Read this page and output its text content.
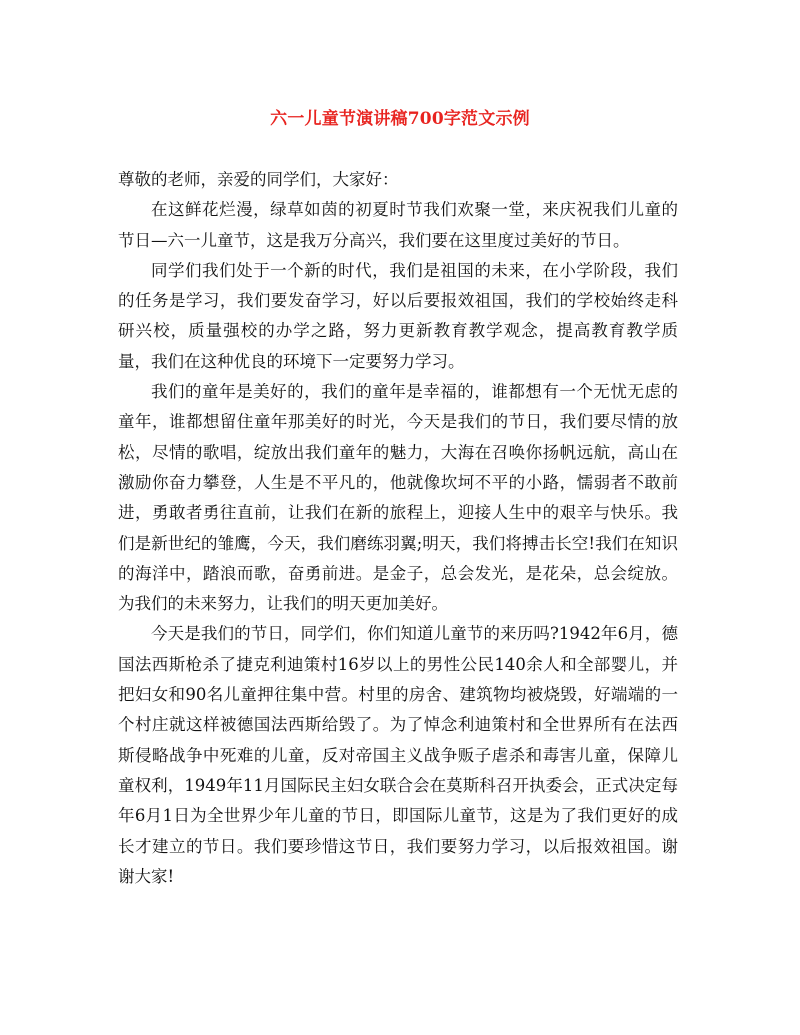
六一儿童节演讲稿700字范文示例

尊敬的老师，亲爱的同学们，大家好：

在这鲜花烂漫，绿草如茵的初夏时节我们欢聚一堂，来庆祝我们儿童的节日—六一儿童节，这是我万分高兴，我们要在这里度过美好的节日。

同学们我们处于一个新的时代，我们是祖国的未来，在小学阶段，我们的任务是学习，我们要发奋学习，好以后要报效祖国，我们的学校始终走科研兴校，质量强校的办学之路，努力更新教育教学观念，提高教育教学质量，我们在这种优良的环境下一定要努力学习。

我们的童年是美好的，我们的童年是幸福的，谁都想有一个无忧无虑的童年，谁都想留住童年那美好的时光，今天是我们的节日，我们要尽情的放松，尽情的歌唱，绽放出我们童年的魅力，大海在召唤你扬帆远航，高山在激励你奋力攀登，人生是不平凡的，他就像坎坷不平的小路，懦弱者不敢前进，勇敢者勇往直前，让我们在新的旅程上，迎接人生中的艰辛与快乐。我们是新世纪的雏鹰，今天，我们磨练羽翼;明天，我们将搏击长空!我们在知识的海洋中，踏浪而歌，奋勇前进。是金子，总会发光，是花朵，总会绽放。为我们的未来努力，让我们的明天更加美好。

今天是我们的节日，同学们，你们知道儿童节的来历吗?1942年6月，德国法西斯枪杀了捷克利迪策村16岁以上的男性公民140余人和全部婴儿，并把妇女和90名儿童押往集中营。村里的房舍、建筑物均被烧毁，好端端的一个村庄就这样被德国法西斯给毁了。为了悼念利迪策村和全世界所有在法西斯侵略战争中死难的儿童，反对帝国主义战争贩子虐杀和毒害儿童，保障儿童权利，1949年11月国际民主妇女联合会在莫斯科召开执委会，正式决定每年6月1日为全世界少年儿童的节日，即国际儿童节，这是为了我们更好的成长才建立的节日。我们要珍惜这节日，我们要努力学习，以后报效祖国。谢谢大家!
